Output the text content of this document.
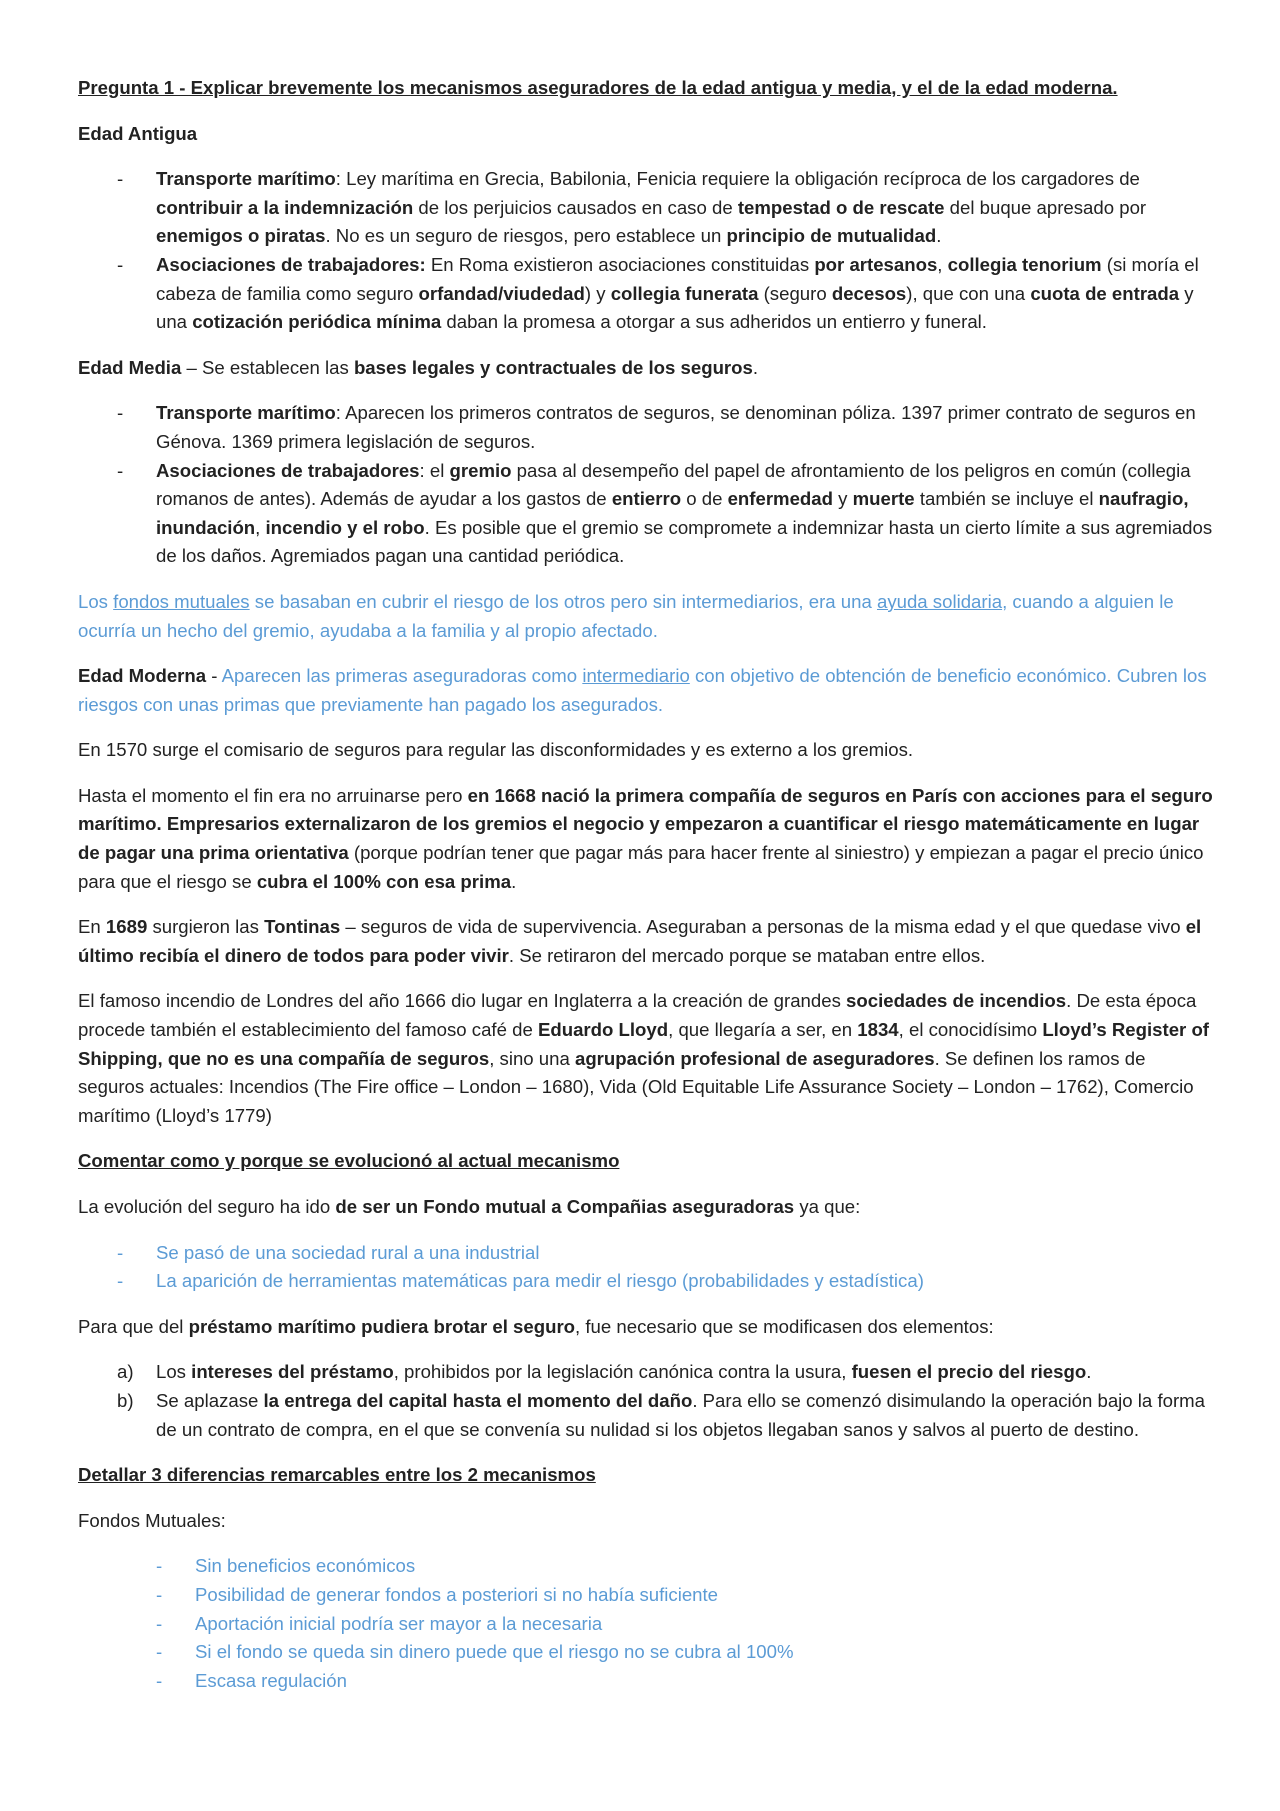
Pregunta 1 - Explicar brevemente los mecanismos aseguradores de la edad antigua y media, y el de la edad moderna.

Edad Antigua

- Transporte marítimo: Ley marítima en Grecia, Babilonia, Fenicia requiere la obligación recíproca de los cargadores de contribuir a la indemnización de los perjuicios causados en caso de tempestad o de rescate del buque apresado por enemigos o piratas. No es un seguro de riesgos, pero establece un principio de mutualidad.
- Asociaciones de trabajadores: En Roma existieron asociaciones constituidas por artesanos, collegia tenorium (si moría el cabeza de familia como seguro orfandad/viudedad) y collegia funerata (seguro decesos), que con una cuota de entrada y una cotización periódica mínima daban la promesa a otorgar a sus adheridos un entierro y funeral.

Edad Media – Se establecen las bases legales y contractuales de los seguros.

- Transporte marítimo: Aparecen los primeros contratos de seguros, se denominan póliza. 1397 primer contrato de seguros en Génova. 1369 primera legislación de seguros.
- Asociaciones de trabajadores: el gremio pasa al desempeño del papel de afrontamiento de los peligros en común (collegia romanos de antes). Además de ayudar a los gastos de entierro o de enfermedad y muerte también se incluye el naufragio, inundación, incendio y el robo. Es posible que el gremio se compromete a indemnizar hasta un cierto límite a sus agremiados de los daños. Agremiados pagan una cantidad periódica.

Los fondos mutuales se basaban en cubrir el riesgo de los otros pero sin intermediarios, era una ayuda solidaria, cuando a alguien le ocurría un hecho del gremio, ayudaba a la familia y al propio afectado.

Edad Moderna - Aparecen las primeras aseguradoras como intermediario con objetivo de obtención de beneficio económico. Cubren los riesgos con unas primas que previamente han pagado los asegurados.

En 1570 surge el comisario de seguros para regular las disconformidades y es externo a los gremios.

Hasta el momento el fin era no arruinarse pero en 1668 nació la primera compañía de seguros en París con acciones para el seguro marítimo. Empresarios externalizaron de los gremios el negocio y empezaron a cuantificar el riesgo matemáticamente en lugar de pagar una prima orientativa (porque podrían tener que pagar más para hacer frente al siniestro) y empiezan a pagar el precio único para que el riesgo se cubra el 100% con esa prima.

En 1689 surgieron las Tontinas – seguros de vida de supervivencia. Aseguraban a personas de la misma edad y el que quedase vivo el último recibía el dinero de todos para poder vivir. Se retiraron del mercado porque se mataban entre ellos.

El famoso incendio de Londres del año 1666 dio lugar en Inglaterra a la creación de grandes sociedades de incendios. De esta época procede también el establecimiento del famoso café de Eduardo Lloyd, que llegaría a ser, en 1834, el conocidísimo Lloyd’s Register of Shipping, que no es una compañía de seguros, sino una agrupación profesional de aseguradores. Se definen los ramos de seguros actuales: Incendios (The Fire office – London – 1680), Vida (Old Equitable Life Assurance Society – London – 1762), Comercio marítimo (Lloyd’s 1779)

Comentar como y porque se evolucionó al actual mecanismo

La evolución del seguro ha ido de ser un Fondo mutual a Compañias aseguradoras ya que:

- Se pasó de una sociedad rural a una industrial
- La aparición de herramientas matemáticas para medir el riesgo (probabilidades y estadística)

Para que del préstamo marítimo pudiera brotar el seguro, fue necesario que se modificasen dos elementos:

a) Los intereses del préstamo, prohibidos por la legislación canónica contra la usura, fuesen el precio del riesgo.
b) Se aplazase la entrega del capital hasta el momento del daño. Para ello se comenzó disimulando la operación bajo la forma de un contrato de compra, en el que se convenía su nulidad si los objetos llegaban sanos y salvos al puerto de destino.

Detallar 3 diferencias remarcables entre los 2 mecanismos

Fondos Mutuales:

- Sin beneficios económicos
- Posibilidad de generar fondos a posteriori si no había suficiente
- Aportación inicial podría ser mayor a la necesaria
- Si el fondo se queda sin dinero puede que el riesgo no se cubra al 100%
- Escasa regulación
